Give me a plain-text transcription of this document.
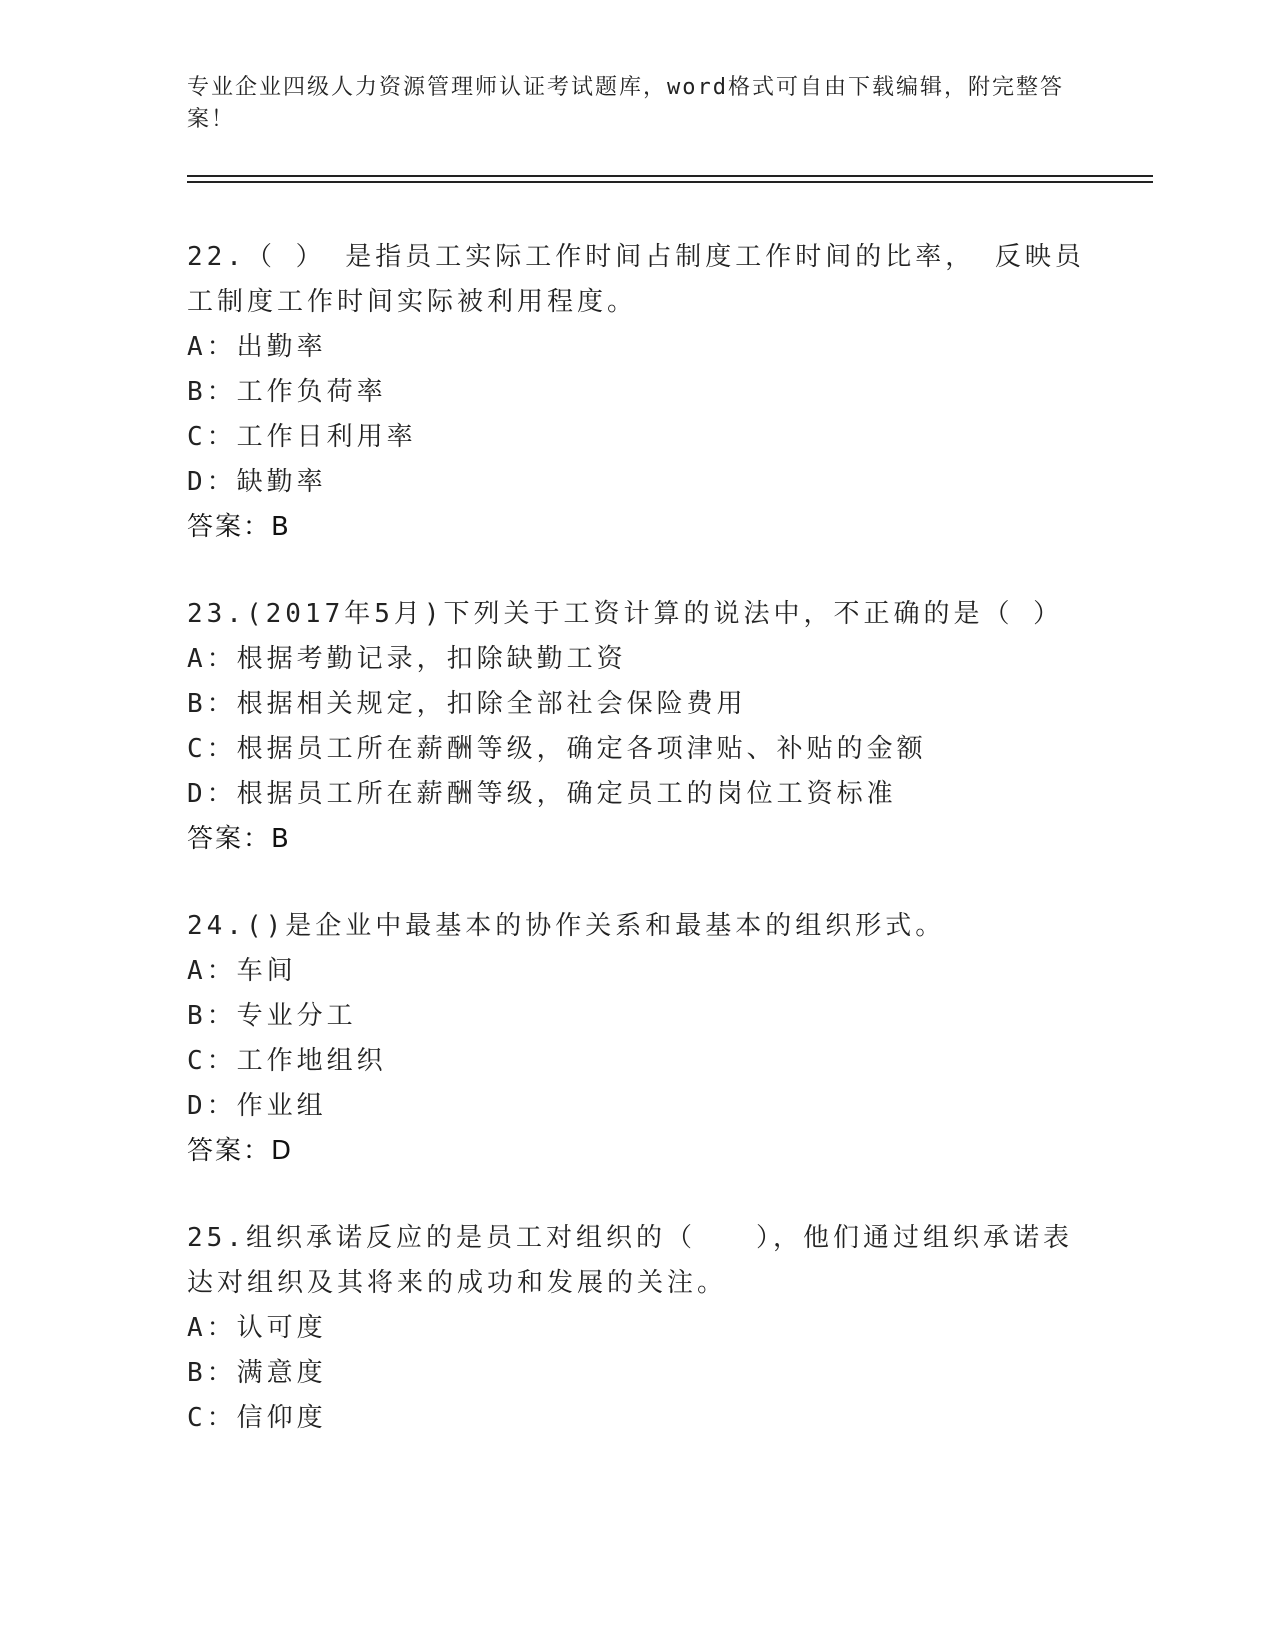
专业企业四级人力资源管理师认证考试题库，word格式可自由下载编辑，附完整答案！

22.（ ） 是指员工实际工作时间占制度工作时间的比率， 反映员工制度工作时间实际被利用程度。

A：出勤率

B：工作负荷率

C：工作日利用率

D：缺勤率

答案：B

23.(2017年5月)下列关于工资计算的说法中，不正确的是（ ）

A：根据考勤记录，扣除缺勤工资

B：根据相关规定，扣除全部社会保险费用

C：根据员工所在薪酬等级，确定各项津贴、补贴的金额

D：根据员工所在薪酬等级，确定员工的岗位工资标准

答案：B

24.()是企业中最基本的协作关系和最基本的组织形式。

A：车间

B：专业分工

C：工作地组织

D：作业组

答案：D

25.组织承诺反应的是员工对组织的（　　），他们通过组织承诺表达对组织及其将来的成功和发展的关注。

A：认可度

B：满意度

C：信仰度
